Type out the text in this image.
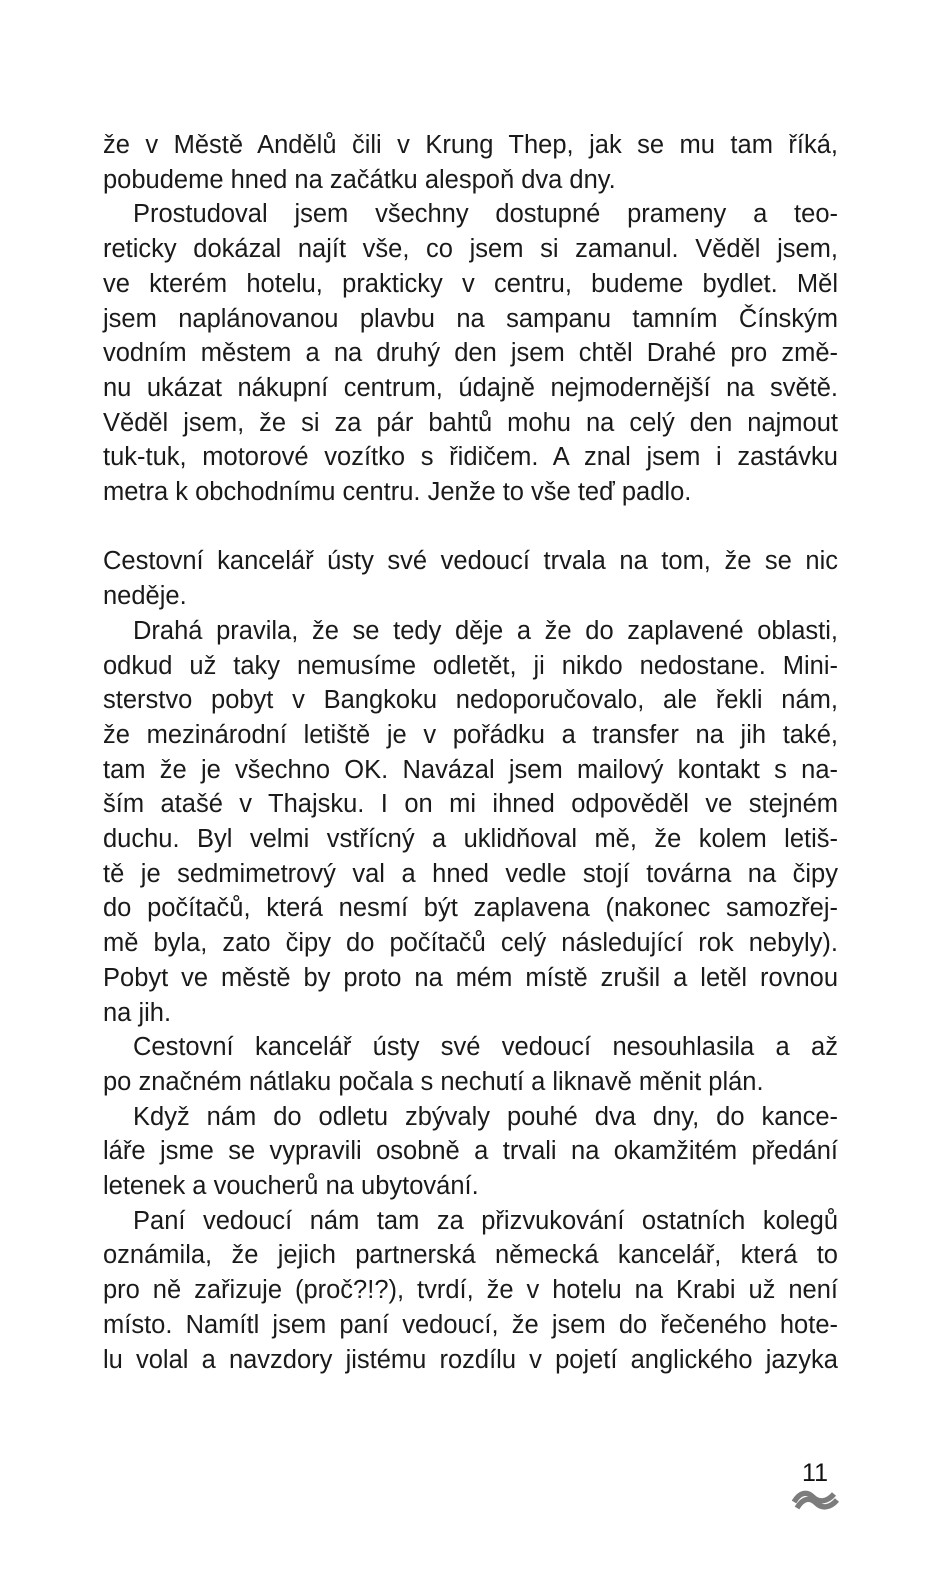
že v Městě Andělů čili v Krung Thep, jak se mu tam říká,
pobudeme hned na začátku alespoň dva dny.
Prostudoval jsem všechny dostupné prameny a teo-
reticky dokázal najít vše, co jsem si zamanul. Věděl jsem,
ve kterém hotelu, prakticky v centru, budeme bydlet. Měl
jsem naplánovanou plavbu na sampanu tamním Čínským
vodním městem a na druhý den jsem chtěl Drahé pro změ-
nu ukázat nákupní centrum, údajně nejmodernější na světě.
Věděl jsem, že si za pár bahtů mohu na celý den najmout
tuk-tuk, motorové vozítko s řidičem. A znal jsem i zastávku
metra k obchodnímu centru. Jenže to vše teď padlo.
Cestovní kancelář ústy své vedoucí trvala na tom, že se nic
neděje.
Drahá pravila, že se tedy děje a že do zaplavené oblasti,
odkud už taky nemusíme odletět, ji nikdo nedostane. Mini-
sterstvo pobyt v Bangkoku nedoporučovalo, ale řekli nám,
že mezinárodní letiště je v pořádku a transfer na jih také,
tam že je všechno OK. Navázal jsem mailový kontakt s na-
ším atašé v Thajsku. I on mi ihned odpověděl ve stejném
duchu. Byl velmi vstřícný a uklidňoval mě, že kolem letiš-
tě je sedmimetrový val a hned vedle stojí továrna na čipy
do počítačů, která nesmí být zaplavena (nakonec samozřej-
mě byla, zato čipy do počítačů celý následující rok nebyly).
Pobyt ve městě by proto na mém místě zrušil a letěl rovnou
na jih.
Cestovní kancelář ústy své vedoucí nesouhlasila a až
po značném nátlaku počala s nechutí a liknavě měnit plán.
Když nám do odletu zbývaly pouhé dva dny, do kance-
láře jsme se vypravili osobně a trvali na okamžitém předání
letenek a voucherů na ubytování.
Paní vedoucí nám tam za přizvukování ostatních kolegů
oznámila, že jejich partnerská německá kancelář, která to
pro ně zařizuje (proč?!?), tvrdí, že v hotelu na Krabi už není
místo. Namítl jsem paní vedoucí, že jsem do řečeného hote-
lu volal a navzdory jistému rozdílu v pojetí anglického jazyka
11
